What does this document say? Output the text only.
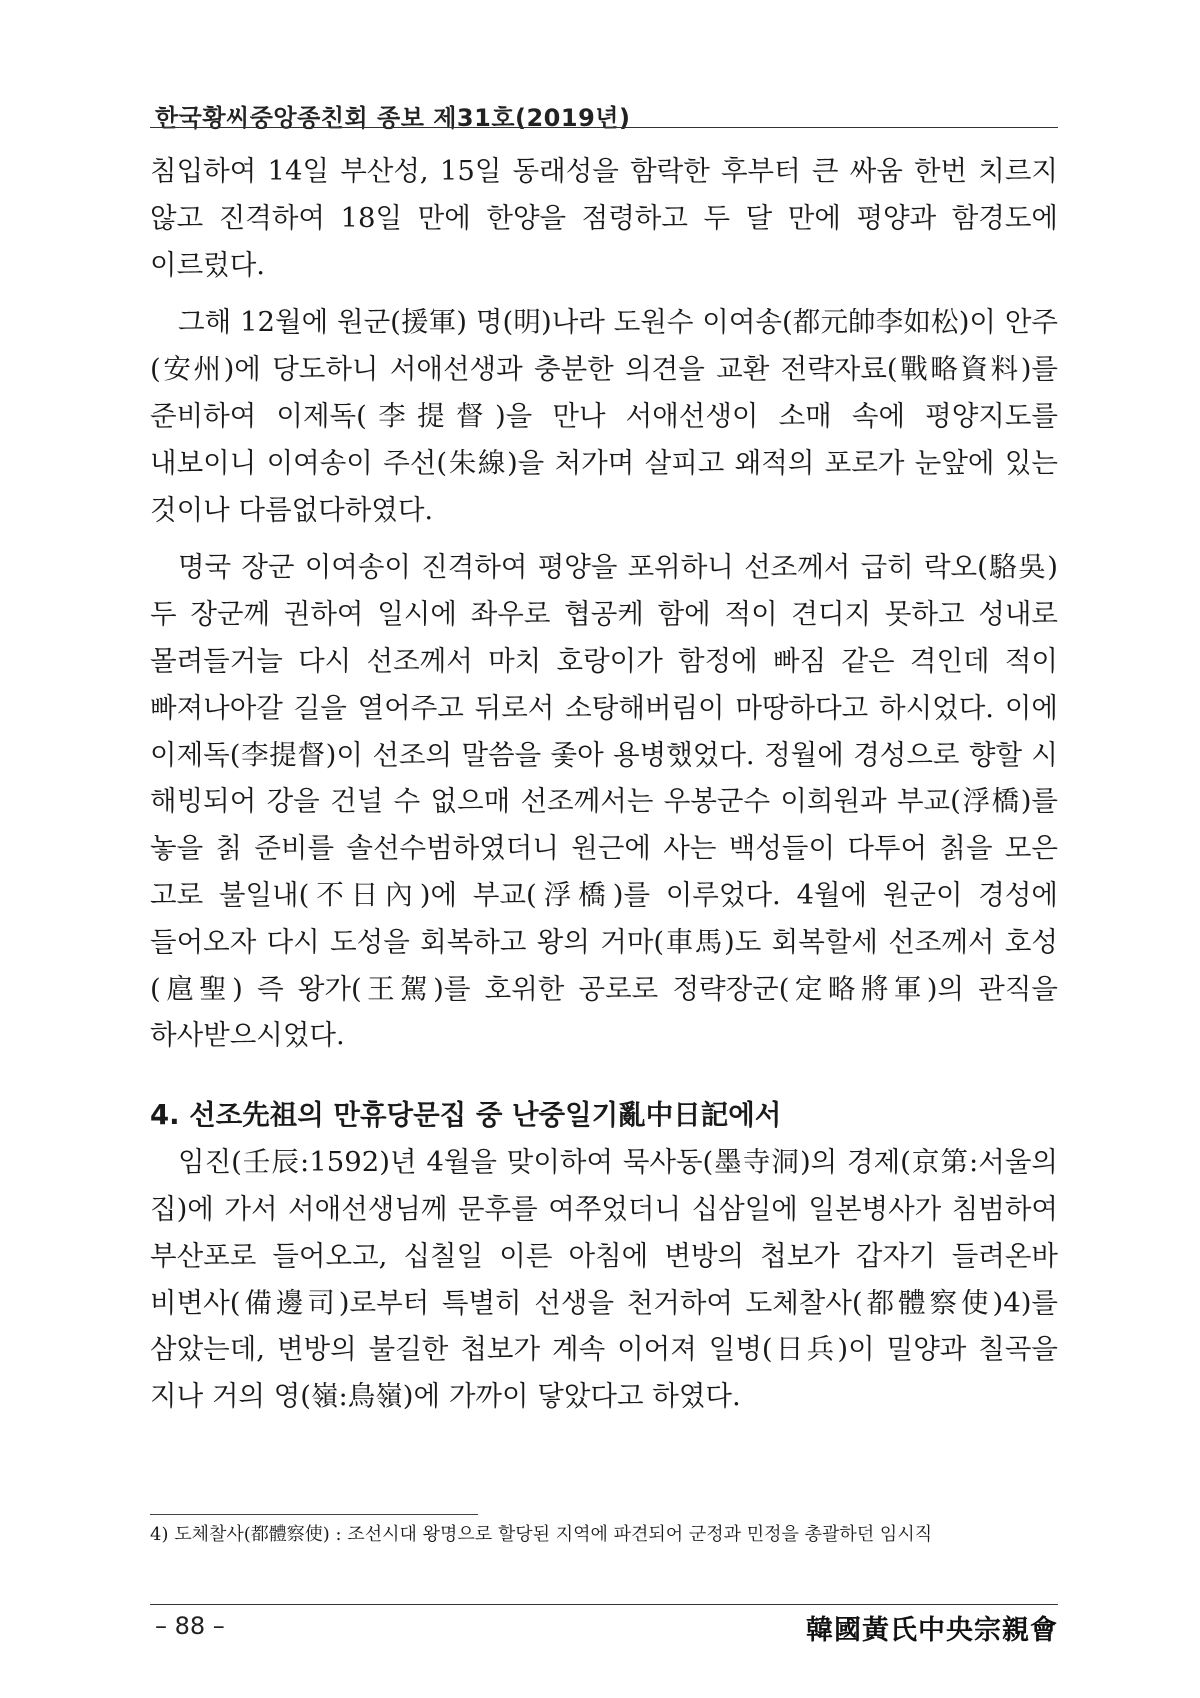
한국황씨중앙종친회 종보 제31호(2019년)

침입하여 14일 부산성, 15일 동래성을 함락한 후부터 큰 싸움 한번 치르지 않고 진격하여 18일 만에 한양을 점령하고 두 달 만에 평양과 함경도에 이르렀다.

그해 12월에 원군(援軍) 명(明)나라 도원수 이여송(都元帥李如松)이 안주(安州)에 당도하니 서애선생과 충분한 의견을 교환 전략자료(戰略資料)를 준비하여 이제독(李提督)을 만나 서애선생이 소매 속에 평양지도를 내보이니 이여송이 주선(朱線)을 처가며 살피고 왜적의 포로가 눈앞에 있는 것이나 다름없다하였다.

명국 장군 이여송이 진격하여 평양을 포위하니 선조께서 급히 락오(駱吳) 두 장군께 권하여 일시에 좌우로 협공케 함에 적이 견디지 못하고 성내로 몰려들거늘 다시 선조께서 마치 호랑이가 함정에 빠짐 같은 격인데 적이 빠져나아갈 길을 열어주고 뒤로서 소탕해버림이 마땅하다고 하시었다. 이에 이제독(李提督)이 선조의 말씀을 좇아 용병했었다. 정월에 경성으로 향할 시 해빙되어 강을 건널 수 없으매 선조께서는 우봉군수 이희원과 부교(浮橋)를 놓을 칡 준비를 솔선수범하였더니 원근에 사는 백성들이 다투어 칡을 모은 고로 불일내(不日內)에 부교(浮橋)를 이루었다. 4월에 원군이 경성에 들어오자 다시 도성을 회복하고 왕의 거마(車馬)도 회복할세 선조께서 호성(扈聖) 즉 왕가(王駕)를 호위한 공로로 정략장군(定略將軍)의 관직을 하사받으시었다.

4. 선조先祖의 만휴당문집 중 난중일기亂中日記에서

임진(壬辰:1592)년 4월을 맞이하여 묵사동(墨寺洞)의 경제(京第:서울의 집)에 가서 서애선생님께 문후를 여쭈었더니 십삼일에 일본병사가 침범하여 부산포로 들어오고, 십칠일 이른 아침에 변방의 첩보가 갑자기 들려온바 비변사(備邊司)로부터 특별히 선생을 천거하여 도체찰사(都體察使)4)를 삼았는데, 변방의 불길한 첩보가 계속 이어져 일병(日兵)이 밀양과 칠곡을 지나 거의 영(嶺:鳥嶺)에 가까이 닿았다고 하였다.

4) 도체찰사(都體察使) : 조선시대 왕명으로 할당된 지역에 파견되어 군정과 민정을 총괄하던 임시직
– 88 –	韓國黃氏中央宗親會
